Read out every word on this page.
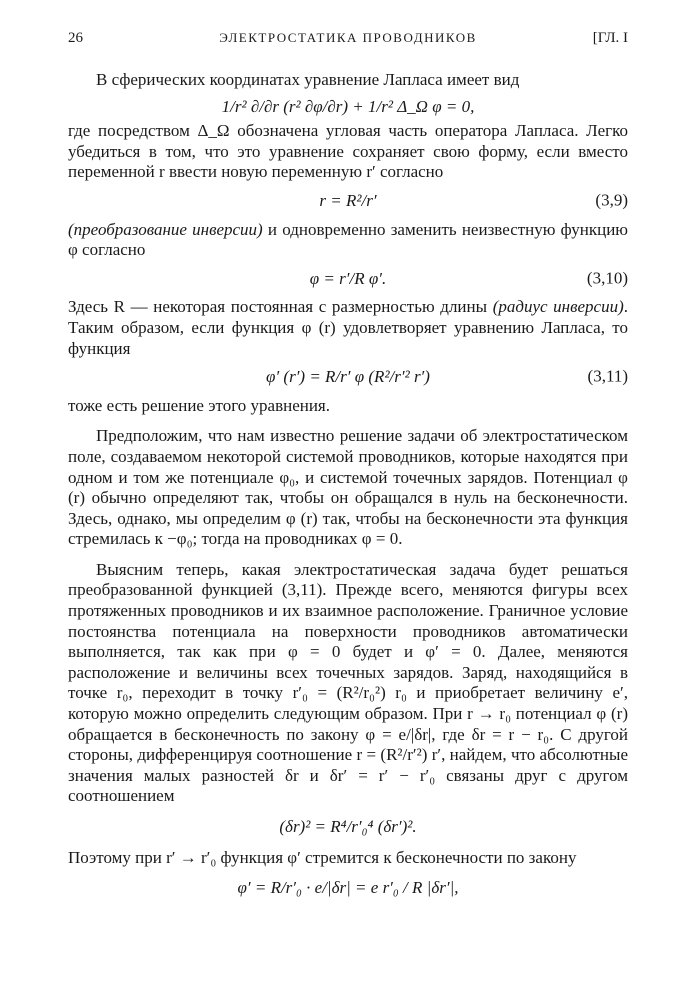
26	ЭЛЕКТРОСТАТИКА ПРОВОДНИКОВ	[ГЛ. I

В сферических координатах уравнение Лапласа имеет вид

1/r² ∂/∂r (r² ∂φ/∂r) + 1/r² Δ_Ω φ = 0,

где посредством Δ_Ω обозначена угловая часть оператора Лапласа. Легко убедиться в том, что это уравнение сохраняет свою форму, если вместо переменной r ввести новую переменную r′ согласно

r = R²/r′	(3,9)

(преобразование инверсии) и одновременно заменить неизвестную функцию φ согласно

φ = r′/R φ′.	(3,10)

Здесь R — некоторая постоянная с размерностью длины (радиус инверсии). Таким образом, если функция φ (r) удовлетворяет уравнению Лапласа, то функция

φ′ (r′) = R/r′ φ (R²/r′² r′)	(3,11)

тоже есть решение этого уравнения.

Предположим, что нам известно решение задачи об электростатическом поле, создаваемом некоторой системой проводников, которые находятся при одном и том же потенциале φ₀, и системой точечных зарядов. Потенциал φ (r) обычно определяют так, чтобы он обращался в нуль на бесконечности. Здесь, однако, мы определим φ (r) так, чтобы на бесконечности эта функция стремилась к −φ₀; тогда на проводниках φ = 0.

Выясним теперь, какая электростатическая задача будет решаться преобразованной функцией (3,11). Прежде всего, меняются фигуры всех протяженных проводников и их взаимное расположение. Граничное условие постоянства потенциала на поверхности проводников автоматически выполняется, так как при φ = 0 будет и φ′ = 0. Далее, меняются расположение и величины всех точечных зарядов. Заряд, находящийся в точке r₀, переходит в точку r′₀ = (R²/r₀²) r₀ и приобретает величину e′, которую можно определить следующим образом. При r → r₀ потенциал φ (r) обращается в бесконечность по закону φ = e/|δr|, где δr = r − r₀. С другой стороны, дифференцируя соотношение r = (R²/r′²) r′, найдем, что абсолютные значения малых разностей δr и δr′ = r′ − r′₀ связаны друг с другом соотношением

(δr)² = R⁴/r′₀⁴ (δr′)².

Поэтому при r′ → r′₀ функция φ′ стремится к бесконечности по закону

φ′ = R/r′₀ · e/|δr| = e r′₀ / R |δr′|,
